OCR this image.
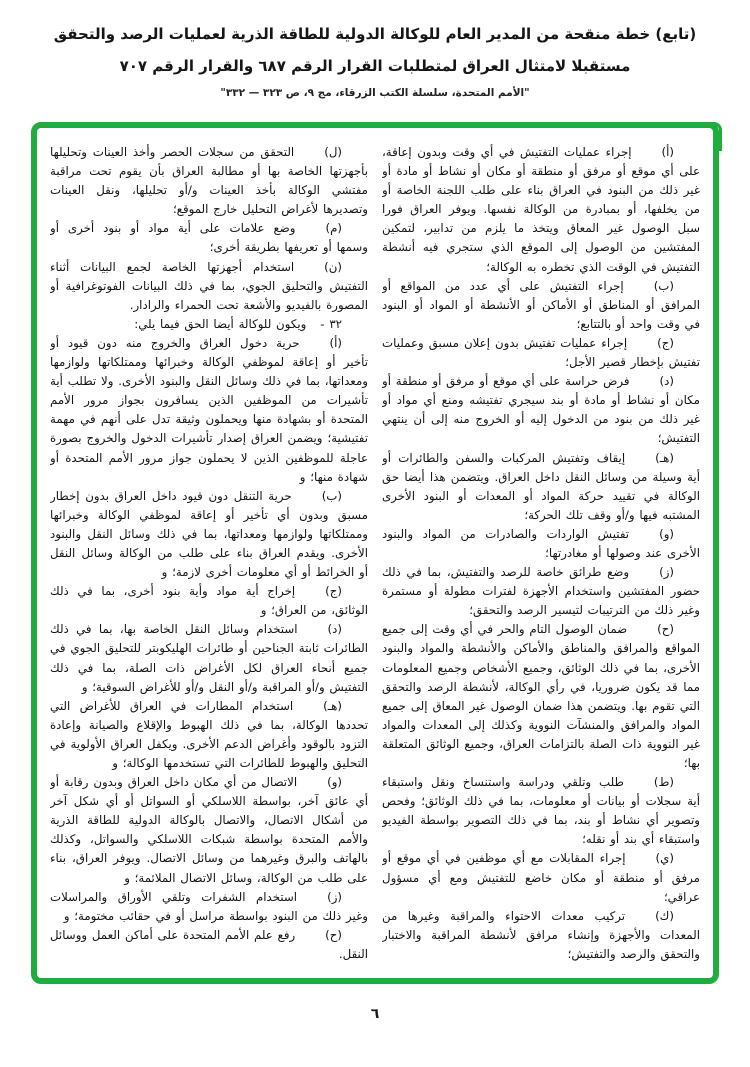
(تابع) خطة منقحة من المدير العام للوكالة الدولية للطاقة الذرية لعمليات الرصد والتحقق
مستقبلا لامتثال العراق لمتطلبات القرار الرقم ٦٨٧ والقرار الرقم ٧٠٧
"الأمم المتحدة، سلسلة الكتب الزرقاء، مج ٩، ص ٣٢٣ — ٣٣٢"

(أ)إجراء عمليات التفتيش في أي وقت وبدون إعاقة، على أي موقع أو مرفق أو منطقة أو مكان أو نشاط أو مادة أو غير ذلك من البنود في العراق بناء على طلب اللجنة الخاصة أو من يخلفها، أو بمبادرة من الوكالة نفسها. ويوفر العراق فورا سبل الوصول غير المعاق ويتخذ ما يلزم من تدابير، لتمكين المفتشين من الوصول إلى الموقع الذي ستجري فيه أنشطة التفتيش في الوقت الذي تخطره به الوكالة؛

(ب)إجراء التفتيش على أي عدد من المواقع أو المرافق أو المناطق أو الأماكن أو الأنشطة أو المواد أو البنود في وقت واحد أو بالتتابع؛

(ج)إجراء عمليات تفتيش بدون إعلان مسبق وعمليات تفتيش بإخطار قصير الأجل؛

(د)فرض حراسة على أي موقع أو مرفق أو منطقة أو مكان أو نشاط أو مادة أو بند سيجري تفتيشه ومنع أي مواد أو غير ذلك من بنود من الدخول إليه أو الخروج منه إلى أن ينتهي التفتيش؛

(هـ)إيقاف وتفتيش المركبات والسفن والطائرات أو أية وسيلة من وسائل النقل داخل العراق. ويتضمن هذا أيضا حق الوكالة في تقييد حركة المواد أو المعدات أو البنود الأخرى المشتبه فيها و/أو وقف تلك الحركة؛

(و)تفتيش الواردات والصادرات من المواد والبنود الأخرى عند وصولها أو مغادرتها؛

(ز)وضع طرائق خاصة للرصد والتفتيش، بما في ذلك حضور المفتشين واستخدام الأجهزة لفترات مطولة أو مستمرة وغير ذلك من الترتيبات لتيسير الرصد والتحقق؛

(ح)ضمان الوصول التام والحر في أي وقت إلى جميع المواقع والمرافق والمناطق والأماكن والأنشطة والمواد والبنود الأخرى، بما في ذلك الوثائق، وجميع الأشخاص وجميع المعلومات مما قد يكون ضروريا، في رأي الوكالة، لأنشطة الرصد والتحقق التي تقوم بها. ويتضمن هذا ضمان الوصول غير المعاق إلى جميع المواد والمرافق والمنشآت النووية وكذلك إلى المعدات والمواد غير النووية ذات الصلة بالتزامات العراق، وجميع الوثائق المتعلقة بها؛

(ط)طلب وتلقي ودراسة واستنساخ ونقل واستبقاء أية سجلات أو بيانات أو معلومات، بما في ذلك الوثائق؛ وفحص وتصوير أي نشاط أو بند، بما في ذلك التصوير بواسطة الفيديو واستبقاء أي بند أو نقله؛

(ي)إجراء المقابلات مع أي موظفين في أي موقع أو مرفق أو منطقة أو مكان خاضع للتفتيش ومع أي مسؤول عراقي؛

(ك)تركيب معدات الاحتواء والمراقبة وغيرها من المعدات والأجهزة وإنشاء مرافق لأنشطة المراقبة والاختبار والتحقق والرصد والتفتيش؛

(ل)التحقق من سجلات الحصر وأخذ العينات وتحليلها بأجهزتها الخاصة بها أو مطالبة العراق بأن يقوم تحت مراقبة مفتشي الوكالة بأخذ العينات و/أو تحليلها، ونقل العينات وتصديرها لأغراض التحليل خارج الموقع؛

(م)وضع علامات على أية مواد أو بنود أخرى أو وسمها أو تعريفها بطريقة أخرى؛

(ن)استخدام أجهزتها الخاصة لجمع البيانات أثناء التفتيش والتحليق الجوي، بما في ذلك البيانات الفوتوغرافية أو المصورة بالفيديو والأشعة تحت الحمراء والرادار.

٣٢ -ويكون للوكالة أيضا الحق فيما يلي:

(أ)حرية دخول العراق والخروج منه دون قيود أو تأخير أو إعاقة لموظفي الوكالة وخبرائها وممتلكاتها ولوازمها ومعداتها، بما في ذلك وسائل النقل والبنود الأخرى. ولا تطلب أية تأشيرات من الموظفين الذين يسافرون بجواز مرور الأمم المتحدة أو بشهادة منها ويحملون وثيقة تدل على أنهم في مهمة تفتيشية؛ ويضمن العراق إصدار تأشيرات الدخول والخروج بصورة عاجلة للموظفين الذين لا يحملون جواز مرور الأمم المتحدة أو شهادة منها؛ و

(ب)حرية التنقل دون قيود داخل العراق بدون إخطار مسبق وبدون أي تأخير أو إعاقة لموظفي الوكالة وخبرائها وممتلكاتها ولوازمها ومعداتها، بما في ذلك وسائل النقل والبنود الأخرى. ويقدم العراق بناء على طلب من الوكالة وسائل النقل أو الخرائط أو أي معلومات أخرى لازمة؛ و

(ج)إخراج أية مواد وأية بنود أخرى، بما في ذلك الوثائق، من العراق؛ و

(د)استخدام وسائل النقل الخاصة بها، بما في ذلك الطائرات ثابتة الجناحين أو طائرات الهليكوبتر للتحليق الجوي في جميع أنحاء العراق لكل الأغراض ذات الصلة، بما في ذلك التفتيش و/أو المراقبة و/أو النقل و/أو للأغراض السوقية؛ و

(هـ)استخدام المطارات في العراق للأغراض التي تحددها الوكالة، بما في ذلك الهبوط والإقلاع والصيانة وإعادة التزود بالوقود وأغراض الدعم الأخرى. ويكفل العراق الأولوية في التحليق والهبوط للطائرات التي تستخدمها الوكالة؛ و

(و)الاتصال من أي مكان داخل العراق وبدون رقابة أو أي عائق آخر، بواسطة اللاسلكي أو السواتل أو أي شكل آخر من أشكال الاتصال، والاتصال بالوكالة الدولية للطاقة الذرية والأمم المتحدة بواسطة شبكات اللاسلكي والسواتل، وكذلك بالهاتف والبرق وغيرهما من وسائل الاتصال. ويوفر العراق، بناء على طلب من الوكالة، وسائل الاتصال الملائمة؛ و

(ز)استخدام الشفرات وتلقي الأوراق والمراسلات وغير ذلك من البنود بواسطة مراسل أو في حقائب مختومة؛ و

(ح)رفع علم الأمم المتحدة على أماكن العمل ووسائل النقل.

٦
